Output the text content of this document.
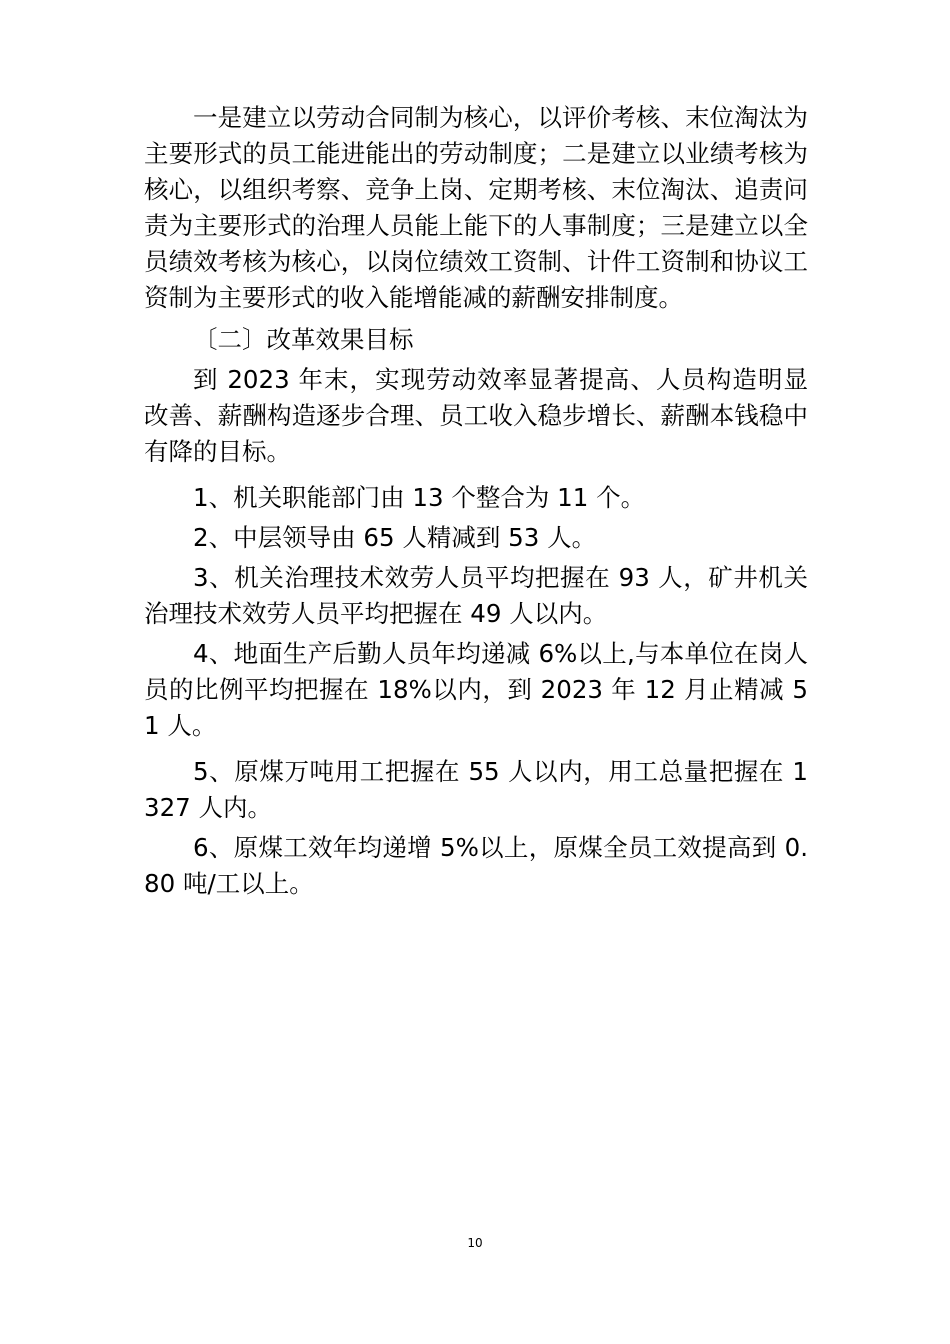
一是建立以劳动合同制为核心，以评价考核、末位淘汰为主要形式的员工能进能出的劳动制度；二是建立以业绩考核为核心，以组织考察、竞争上岗、定期考核、末位淘汰、追责问责为主要形式的治理人员能上能下的人事制度；三是建立以全员绩效考核为核心，以岗位绩效工资制、计件工资制和协议工资制为主要形式的收入能增能减的薪酬安排制度。

〔二〕改革效果目标

到 2023 年末，实现劳动效率显著提高、人员构造明显改善、薪酬构造逐步合理、员工收入稳步增长、薪酬本钱稳中有降的目标。

1、机关职能部门由 13 个整合为 11 个。

2、中层领导由 65 人精减到 53 人。

3、机关治理技术效劳人员平均把握在 93 人，矿井机关治理技术效劳人员平均把握在 49 人以内。

4、地面生产后勤人员年均递减 6%以上,与本单位在岗人员的比例平均把握在 18%以内，到 2023 年 12 月止精减 51 人。

5、原煤万吨用工把握在 55 人以内，用工总量把握在 1327 人内。

6、原煤工效年均递增 5%以上，原煤全员工效提高到 0.80 吨/工以上。

10
